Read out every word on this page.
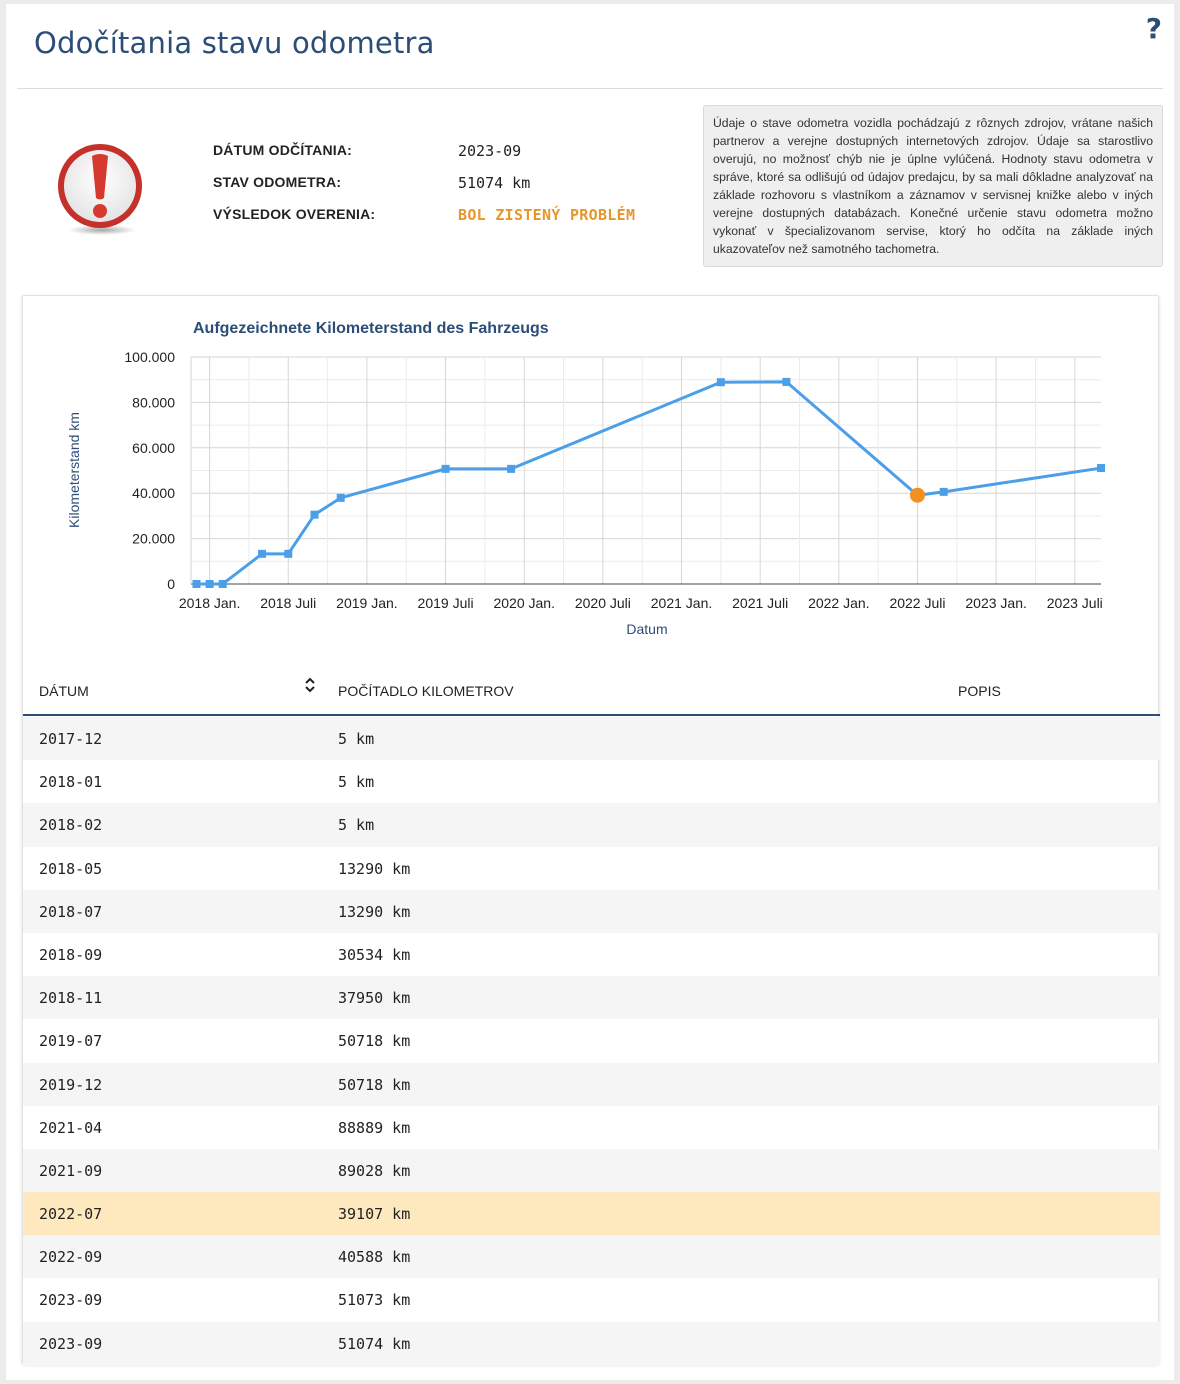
Odočítania stavu odometra	?
DÁTUM ODČÍTANIA:	2023-09
STAV ODOMETRA:	51074 km
VÝSLEDOK OVERENIA:	BOL ZISTENÝ PROBLÉM
Údaje o stave odometra vozidla pochádzajú z rôznych zdrojov, vrátane našich partnerov a verejne dostupných internetových zdrojov. Údaje sa starostlivo overujú, no možnosť chýb nie je úplne vylúčená. Hodnoty stavu odometra v správe, ktoré sa odlišujú od údajov predajcu, by sa mali dôkladne analyzovať na základe rozhovoru s vlastníkom a záznamov v servisnej knižke alebo v iných verejne dostupných databázach. Konečné určenie stavu odometra možno vykonať v špecializovanom servise, ktorý ho odčíta na základe iných ukazovateľov než samotného tachometra.
0
20.000
40.000
60.000
80.000
100.000
2018 Jan. 2018 Juli 2019 Jan. 2019 Juli 2020 Jan. 2020 Juli 2021 Jan. 2021 Juli 2022 Jan. 2022 Juli 2023 Jan. 2023 Juli
Aufgezeichnete Kilometerstand des Fahrzeugs
Datum
Kilometerstand km
DÁTUM	POČÍTADLO KILOMETROV	POPIS
2017-12	5 km
2018-01	5 km
2018-02	5 km
2018-05	13290 km
2018-07	13290 km
2018-09	30534 km
2018-11	37950 km
2019-07	50718 km
2019-12	50718 km
2021-04	88889 km
2021-09	89028 km
2022-07	39107 km
2022-09	40588 km
2023-09	51073 km
2023-09	51074 km
